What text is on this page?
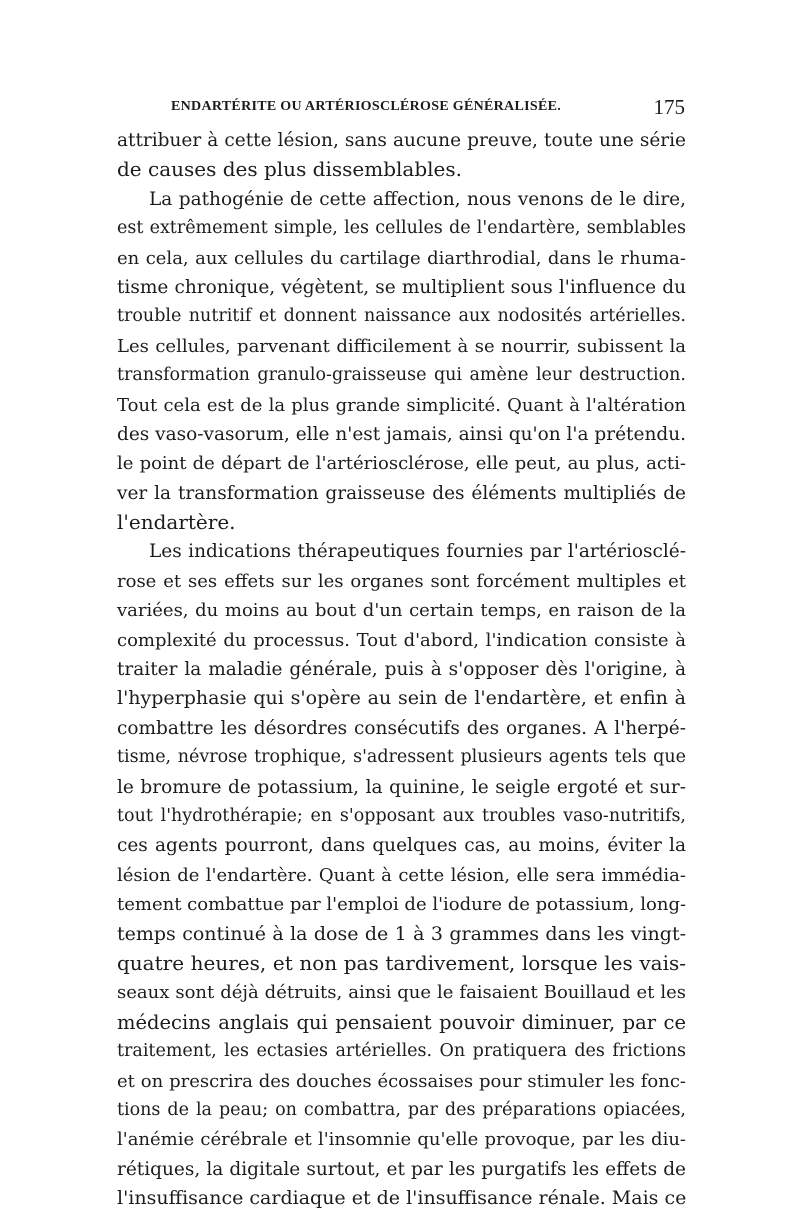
ENDARTÉRITE OU ARTÉRIOSCLÉROSE GÉNÉRALISÉE.	175
attribuer à cette lésion, sans aucune preuve, toute une série
de causes des plus dissemblables.
La pathogénie de cette affection, nous venons de le dire,
est extrêmement simple, les cellules de l'endartère, semblables
en cela, aux cellules du cartilage diarthrodial, dans le rhuma-
tisme chronique, végètent, se multiplient sous l'influence du
trouble nutritif et donnent naissance aux nodosités artérielles.
Les cellules, parvenant difficilement à se nourrir, subissent la
transformation granulo-graisseuse qui amène leur destruction.
Tout cela est de la plus grande simplicité. Quant à l'altération
des vaso-vasorum, elle n'est jamais, ainsi qu'on l'a prétendu.
le point de départ de l'artériosclérose, elle peut, au plus, acti-
ver la transformation graisseuse des éléments multipliés de
l'endartère.
Les indications thérapeutiques fournies par l'artériosclé-
rose et ses effets sur les organes sont forcément multiples et
variées, du moins au bout d'un certain temps, en raison de la
complexité du processus. Tout d'abord, l'indication consiste à
traiter la maladie générale, puis à s'opposer dès l'origine, à
l'hyperphasie qui s'opère au sein de l'endartère, et enfin à
combattre les désordres consécutifs des organes. A l'herpé-
tisme, névrose trophique, s'adressent plusieurs agents tels que
le bromure de potassium, la quinine, le seigle ergoté et sur-
tout l'hydrothérapie; en s'opposant aux troubles vaso-nutritifs,
ces agents pourront, dans quelques cas, au moins, éviter la
lésion de l'endartère. Quant à cette lésion, elle sera immédia-
tement combattue par l'emploi de l'iodure de potassium, long-
temps continué à la dose de 1 à 3 grammes dans les vingt-
quatre heures, et non pas tardivement, lorsque les vais-
seaux sont déjà détruits, ainsi que le faisaient Bouillaud et les
médecins anglais qui pensaient pouvoir diminuer, par ce
traitement, les ectasies artérielles. On pratiquera des frictions
et on prescrira des douches écossaises pour stimuler les fonc-
tions de la peau; on combattra, par des préparations opiacées,
l'anémie cérébrale et l'insomnie qu'elle provoque, par les diu-
rétiques, la digitale surtout, et par les purgatifs les effets de
l'insuffisance cardiaque et de l'insuffisance rénale. Mais ce
